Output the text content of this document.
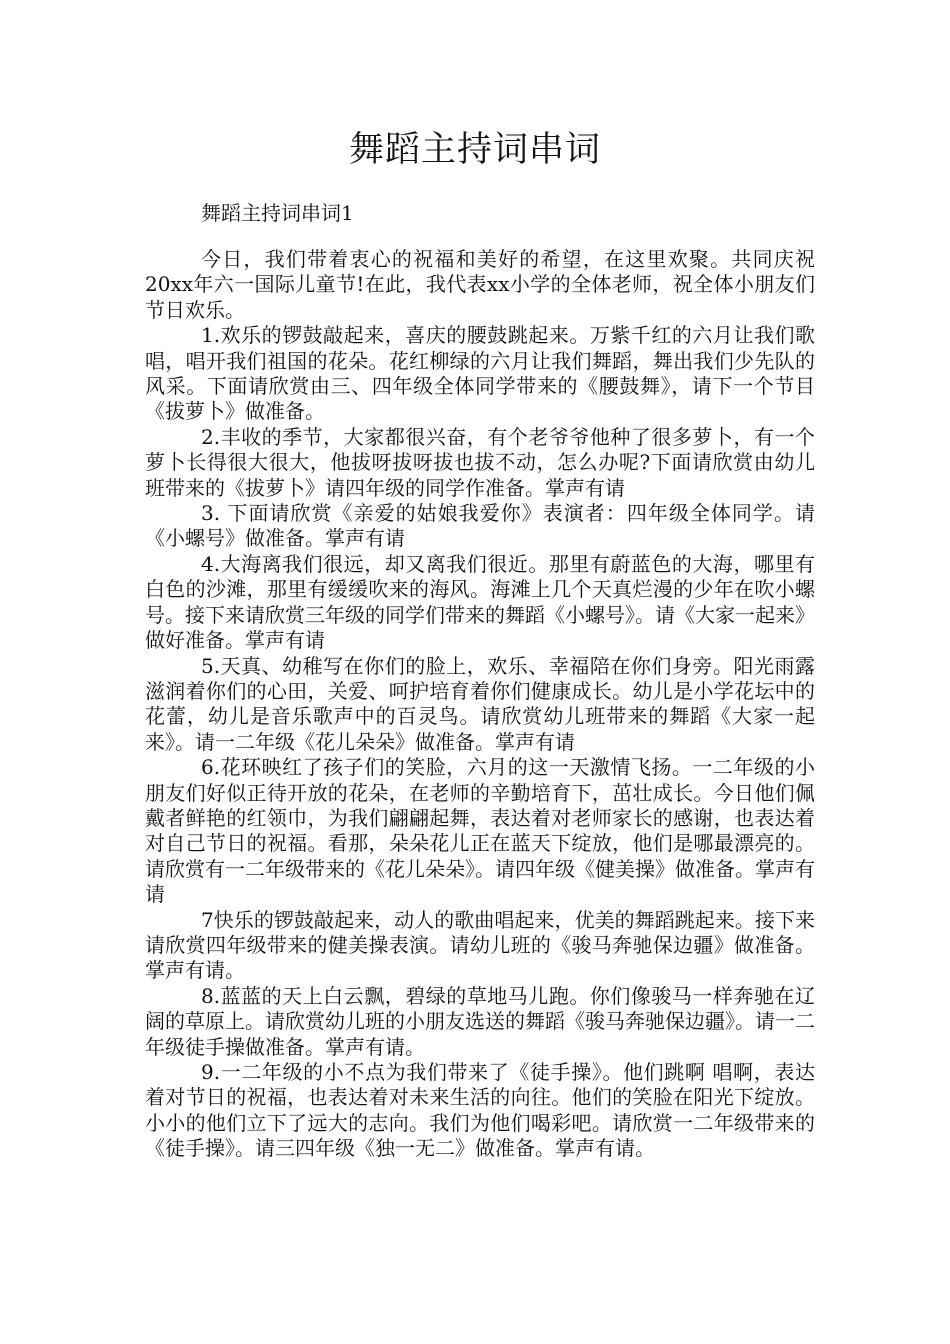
舞蹈主持词串词

舞蹈主持词串词1

今日，我们带着衷心的祝福和美好的希望，在这里欢聚。共同庆祝20xx年六一国际儿童节!在此，我代表xx小学的全体老师，祝全体小朋友们节日欢乐。

1.欢乐的锣鼓敲起来，喜庆的腰鼓跳起来。万紫千红的六月让我们歌唱，唱开我们祖国的花朵。花红柳绿的六月让我们舞蹈，舞出我们少先队的风采。下面请欣赏由三、四年级全体同学带来的《腰鼓舞》，请下一个节目《拔萝卜》做准备。

2.丰收的季节，大家都很兴奋，有个老爷爷他种了很多萝卜，有一个萝卜长得很大很大，他拔呀拔呀拔也拔不动，怎么办呢?下面请欣赏由幼儿班带来的《拔萝卜》请四年级的同学作准备。掌声有请

3. 下面请欣赏《亲爱的姑娘我爱你》表演者：四年级全体同学。请《小螺号》做准备。掌声有请

4.大海离我们很远，却又离我们很近。那里有蔚蓝色的大海，哪里有白色的沙滩，那里有缓缓吹来的海风。海滩上几个天真烂漫的少年在吹小螺号。接下来请欣赏三年级的同学们带来的舞蹈《小螺号》。请《大家一起来》做好准备。掌声有请

5.天真、幼稚写在你们的脸上，欢乐、幸福陪在你们身旁。阳光雨露滋润着你们的心田，关爱、呵护培育着你们健康成长。幼儿是小学花坛中的花蕾，幼儿是音乐歌声中的百灵鸟。请欣赏幼儿班带来的舞蹈《大家一起来》。请一二年级《花儿朵朵》做准备。掌声有请

6.花环映红了孩子们的笑脸，六月的这一天激情飞扬。一二年级的小朋友们好似正待开放的花朵，在老师的辛勤培育下，茁壮成长。今日他们佩戴者鲜艳的红领巾，为我们翩翩起舞，表达着对老师家长的感谢，也表达着对自己节日的祝福。看那，朵朵花儿正在蓝天下绽放，他们是哪最漂亮的。请欣赏有一二年级带来的《花儿朵朵》。请四年级《健美操》做准备。掌声有请

7快乐的锣鼓敲起来，动人的歌曲唱起来，优美的舞蹈跳起来。接下来请欣赏四年级带来的健美操表演。请幼儿班的《骏马奔驰保边疆》做准备。掌声有请。

8.蓝蓝的天上白云飘，碧绿的草地马儿跑。你们像骏马一样奔驰在辽阔的草原上。请欣赏幼儿班的小朋友选送的舞蹈《骏马奔驰保边疆》。请一二年级徒手操做准备。掌声有请。

9.一二年级的小不点为我们带来了《徒手操》。他们跳啊 唱啊，表达着对节日的祝福，也表达着对未来生活的向往。他们的笑脸在阳光下绽放。小小的他们立下了远大的志向。我们为他们喝彩吧。请欣赏一二年级带来的《徒手操》。请三四年级《独一无二》做准备。掌声有请。
